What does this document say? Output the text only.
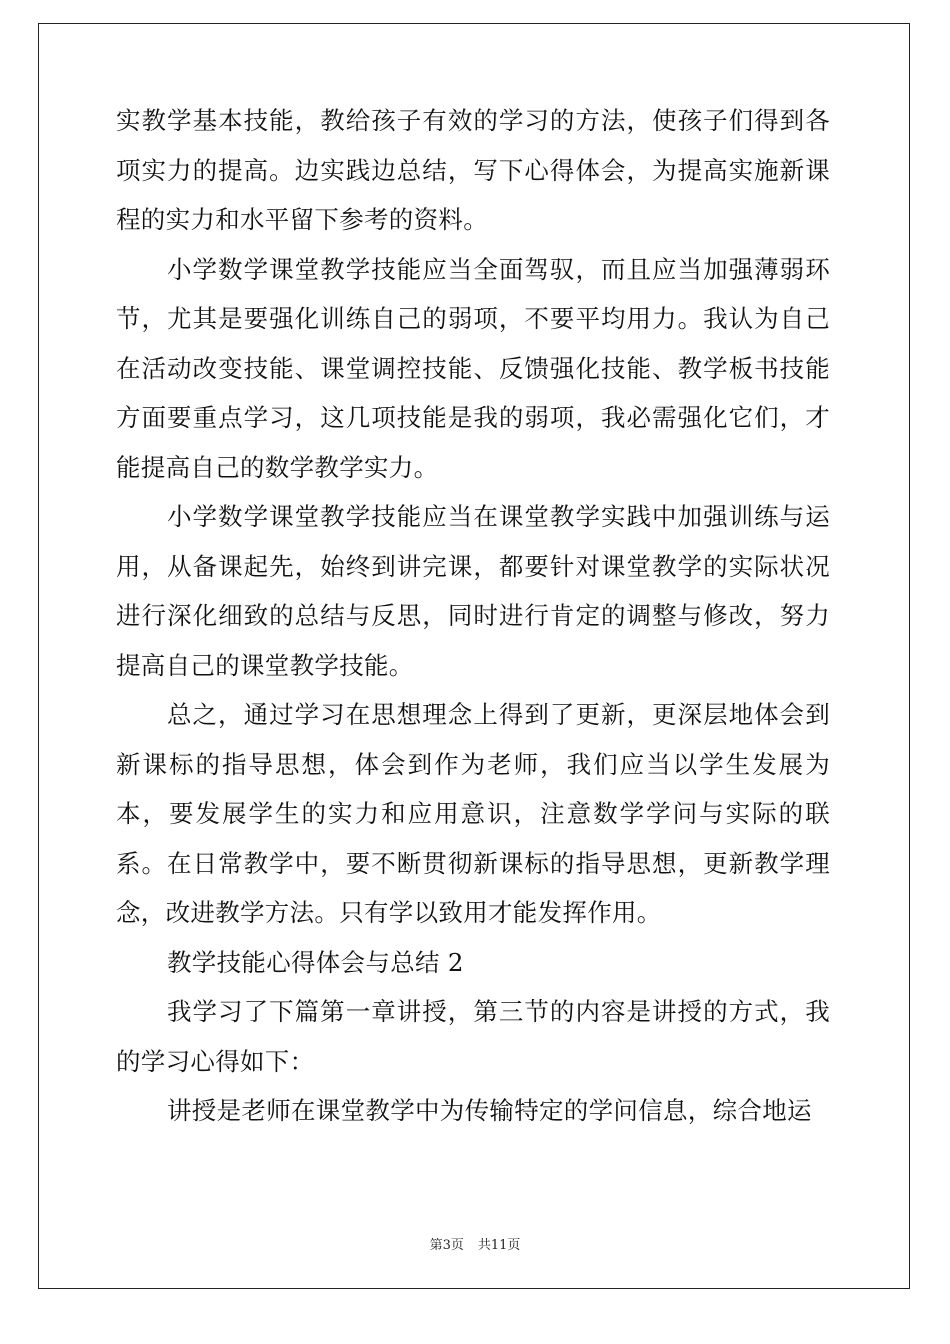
实教学基本技能，教给孩子有效的学习的方法，使孩子们得到各项实力的提高。边实践边总结，写下心得体会，为提高实施新课程的实力和水平留下参考的资料。

小学数学课堂教学技能应当全面驾驭，而且应当加强薄弱环节，尤其是要强化训练自己的弱项，不要平均用力。我认为自己在活动改变技能、课堂调控技能、反馈强化技能、教学板书技能方面要重点学习，这几项技能是我的弱项，我必需强化它们，才能提高自己的数学教学实力。

小学数学课堂教学技能应当在课堂教学实践中加强训练与运用，从备课起先，始终到讲完课，都要针对课堂教学的实际状况进行深化细致的总结与反思，同时进行肯定的调整与修改，努力提高自己的课堂教学技能。

总之，通过学习在思想理念上得到了更新，更深层地体会到新课标的指导思想，体会到作为老师，我们应当以学生发展为本，要发展学生的实力和应用意识，注意数学学问与实际的联系。在日常教学中，要不断贯彻新课标的指导思想，更新教学理念，改进教学方法。只有学以致用才能发挥作用。

教学技能心得体会与总结 2

我学习了下篇第一章讲授，第三节的内容是讲授的方式，我的学习心得如下：

讲授是老师在课堂教学中为传输特定的学问信息，综合地运

第3页 共11页
